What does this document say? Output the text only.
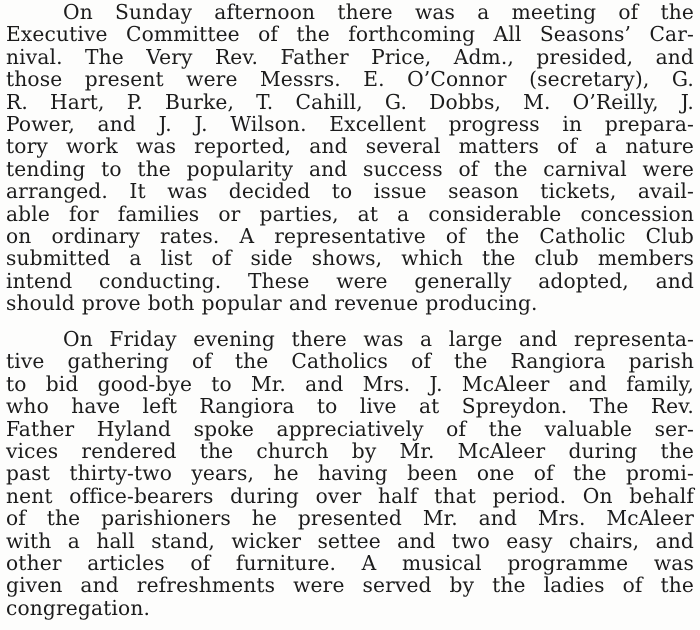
On Sunday afternoon there was a meeting of the
Executive Committee of the forthcoming All Seasons’ Car-
nival. The Very Rev. Father Price, Adm., presided, and
those present were Messrs. E. O’Connor (secretary), G.
R. Hart, P. Burke, T. Cahill, G. Dobbs, M. O’Reilly, J.
Power, and J. J. Wilson. Excellent progress in prepara-
tory work was reported, and several matters of a nature
tending to the popularity and success of the carnival were
arranged. It was decided to issue season tickets, avail-
able for families or parties, at a considerable concession
on ordinary rates. A representative of the Catholic Club
submitted a list of side shows, which the club members
intend conducting. These were generally adopted, and
should prove both popular and revenue producing.
On Friday evening there was a large and representa-
tive gathering of the Catholics of the Rangiora parish
to bid good-bye to Mr. and Mrs. J. McAleer and family,
who have left Rangiora to live at Spreydon. The Rev.
Father Hyland spoke appreciatively of the valuable ser-
vices rendered the church by Mr. McAleer during the
past thirty-two years, he having been one of the promi-
nent office-bearers during over half that period. On behalf
of the parishioners he presented Mr. and Mrs. McAleer
with a hall stand, wicker settee and two easy chairs, and
other articles of furniture. A musical programme was
given and refreshments were served by the ladies of the
congregation.
